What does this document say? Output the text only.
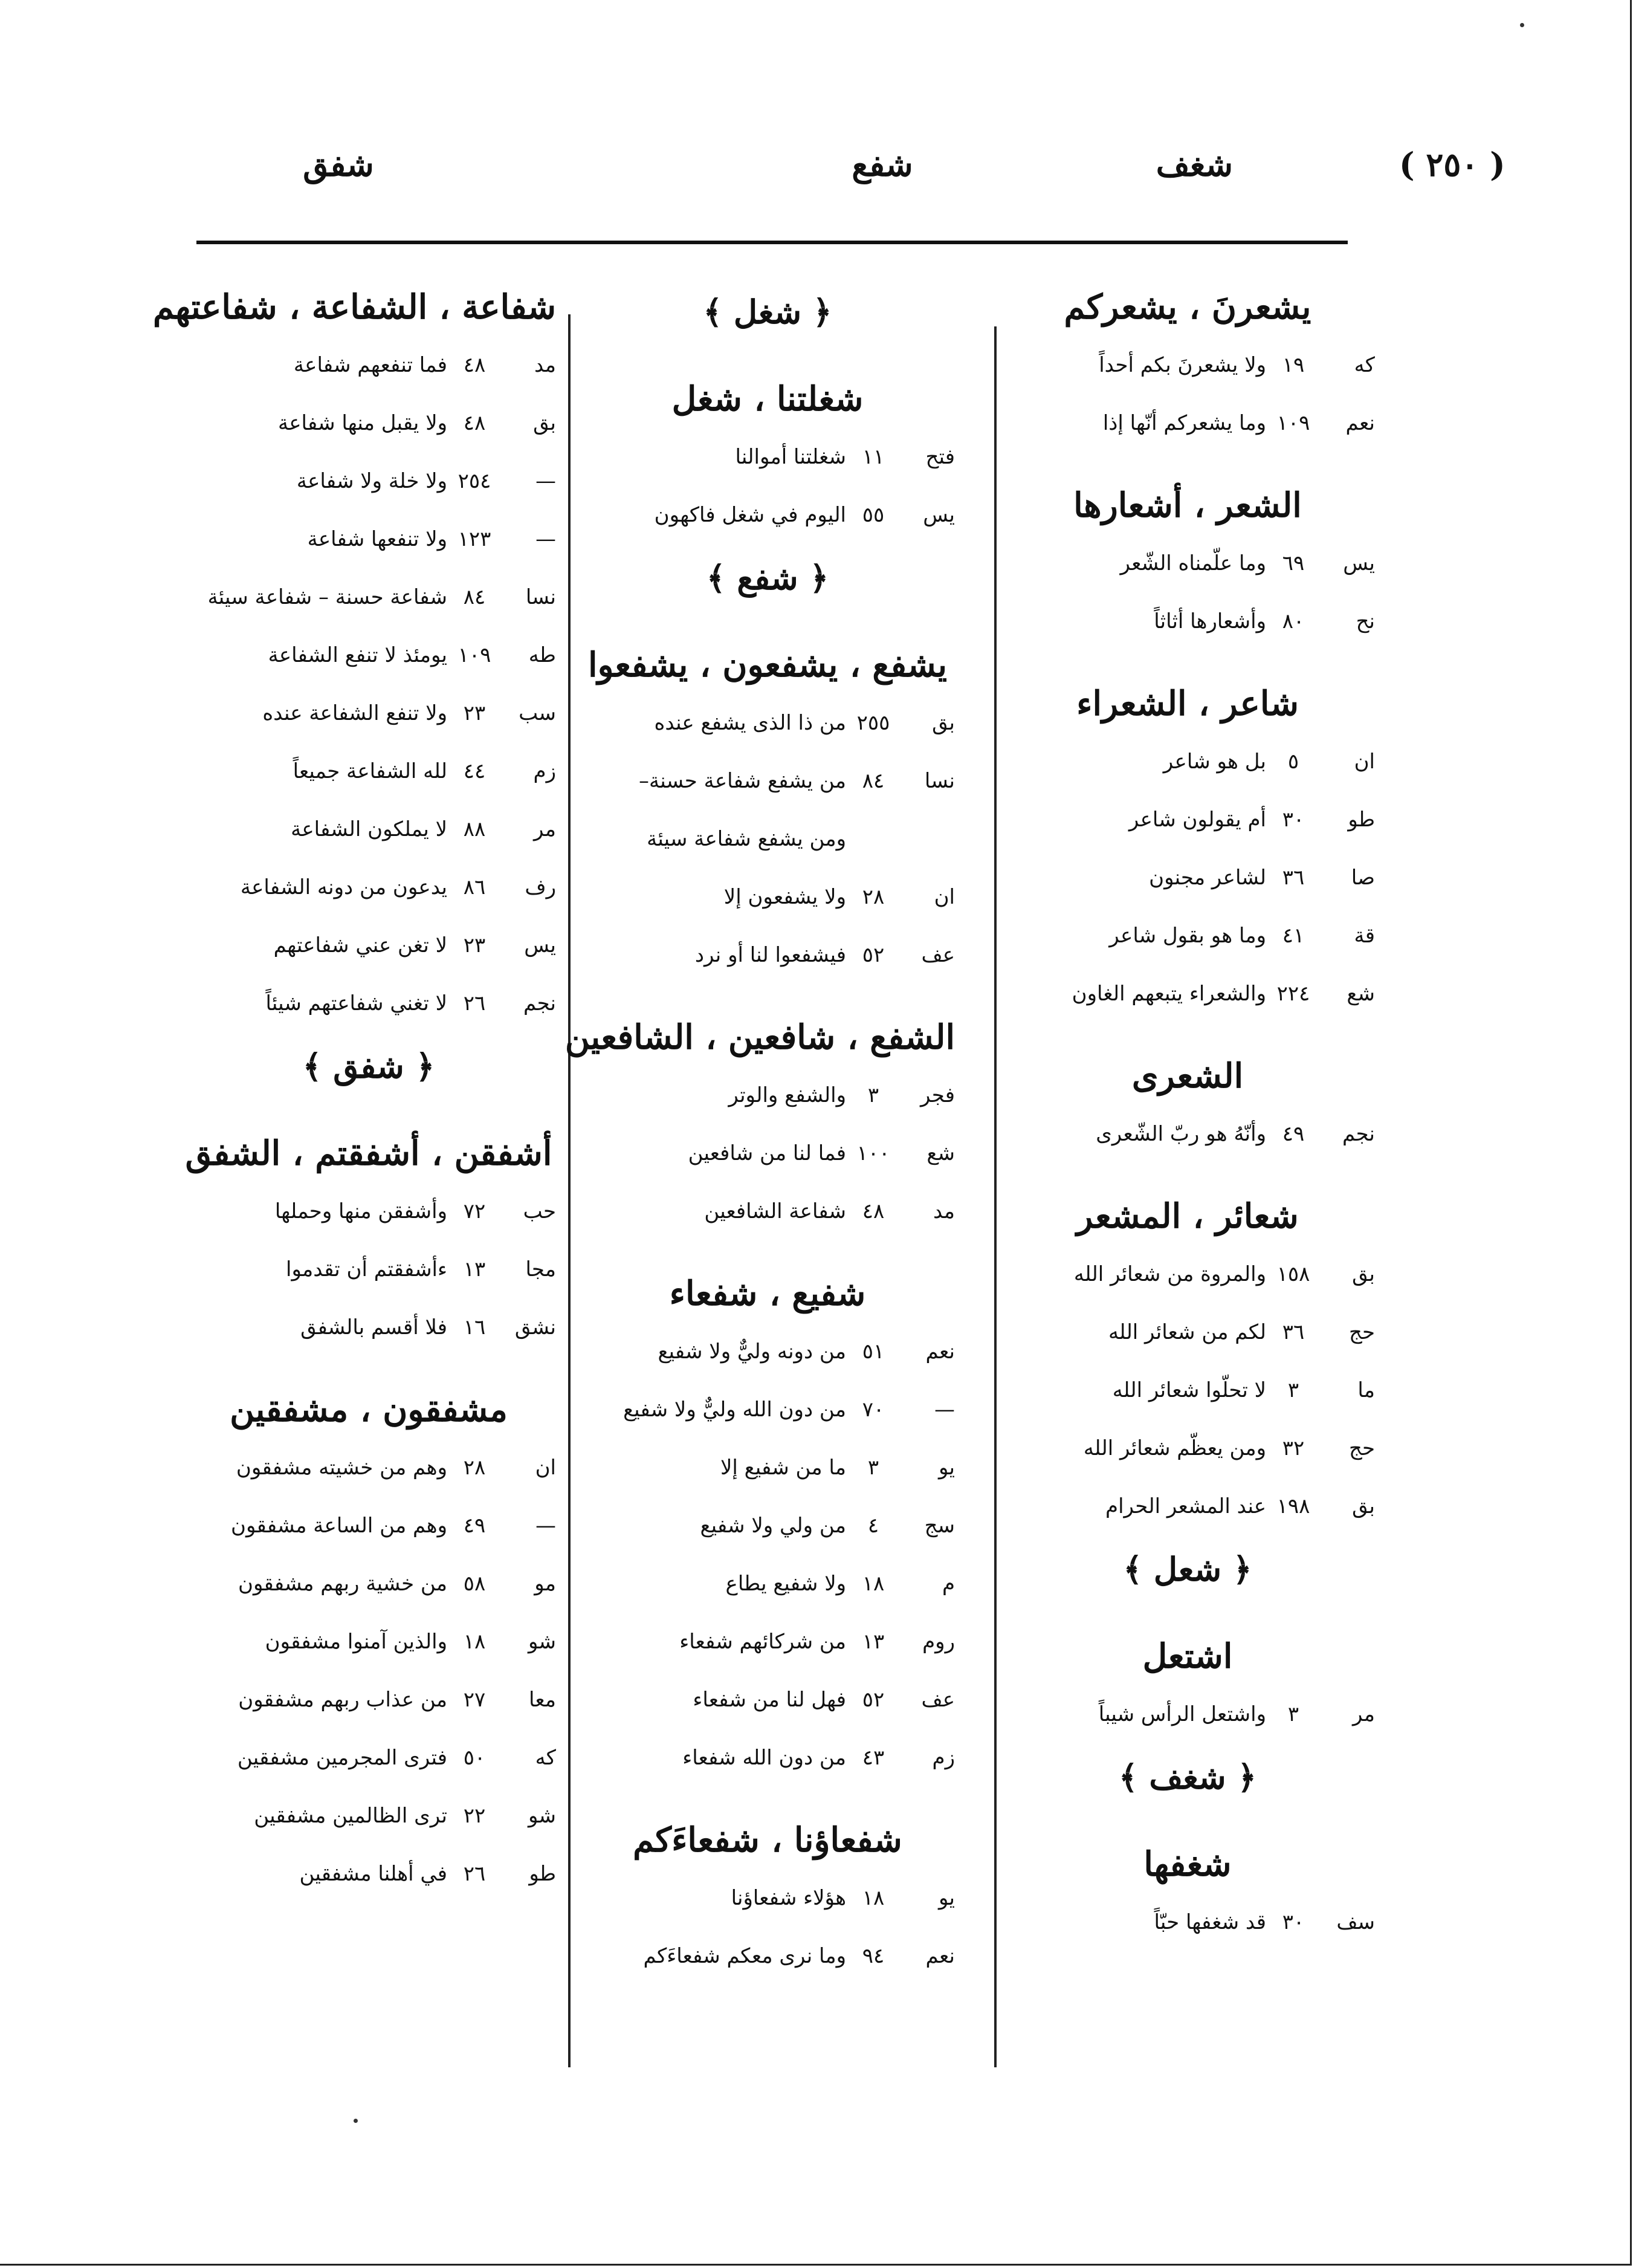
( ٢٥٠ )
شغف
شفع
شفق
يشعرنَ ، يشعركم
كه
١٩
ولا يشعرنَ بكم أحداً
نعم
١٠٩
وما يشعركم أنّها إذا
الشعر ، أشعارها
يس
٦٩
وما علّمناه الشّعر
نح
٨٠
وأشعارها أثاثاً
شاعر ، الشعراء
ان
٥
بل هو شاعر
طو
٣٠
أم يقولون شاعر
صا
٣٦
لشاعر مجنون
قة
٤١
وما هو بقول شاعر
شع
٢٢٤
والشعراء يتبعهم الغاون
الشعرى
نجم
٤٩
وأنّهُ هو ربّ الشّعرى
شعائر ، المشعر
بق
١٥٨
والمروة من شعائر الله
حج
٣٦
لكم من شعائر الله
ما
٣
لا تحلّوا شعائر الله
حج
٣٢
ومن يعظّم شعائر الله
بق
١٩٨
عند المشعر الحرام
﴿ شعل ﴾
اشتعل
مر
٣
واشتعل الرأس شيباً
﴿ شغف ﴾
شغفها
سف
٣٠
قد شغفها حبّاً
﴿ شغل ﴾
شغلتنا ، شغل
فتح
١١
شغلتنا أموالنا
يس
٥٥
اليوم في شغل فاكهون
﴿ شفع ﴾
يشفع ، يشفعون ، يشفعوا
بق
٢٥٥
من ذا الذى يشفع عنده
نسا
٨٤
من يشفع شفاعة حسنة–
ومن يشفع شفاعة سيئة
ان
٢٨
ولا يشفعون إلا
عف
٥٢
فيشفعوا لنا أو نرد
الشفع ، شافعين ، الشافعين
فجر
٣
والشفع والوتر
شع
١٠٠
فما لنا من شافعين
مد
٤٨
شفاعة الشافعين
شفيع ، شفعاء
نعم
٥١
من دونه وليٌّ ولا شفيع
—
٧٠
من دون الله وليٌّ ولا شفيع
يو
٣
ما من شفيع إلا
سج
٤
من ولي ولا شفيع
م
١٨
ولا شفيع يطاع
روم
١٣
من شركائهم شفعاء
عف
٥٢
فهل لنا من شفعاء
زم
٤٣
من دون الله شفعاء
شفعاؤنا ، شفعاءَكم
يو
١٨
هؤلاء شفعاؤنا
نعم
٩٤
وما نرى معكم شفعاءَكم
شفاعة ، الشفاعة ، شفاعتهم
مد
٤٨
فما تنفعهم شفاعة
بق
٤٨
ولا يقبل منها شفاعة
—
٢٥٤
ولا خلة ولا شفاعة
—
١٢٣
ولا تنفعها شفاعة
نسا
٨٤
شفاعة حسنة – شفاعة سيئة
طه
١٠٩
يومئذ لا تنفع الشفاعة
سب
٢٣
ولا تنفع الشفاعة عنده
زم
٤٤
لله الشفاعة جميعاً
مر
٨٨
لا يملكون الشفاعة
رف
٨٦
يدعون من دونه الشفاعة
يس
٢٣
لا تغن عني شفاعتهم
نجم
٢٦
لا تغني شفاعتهم شيئاً
﴿ شفق ﴾
أشفقن ، أشفقتم ، الشفق
حب
٧٢
وأشفقن منها وحملها
مجا
١٣
ءأشفقتم أن تقدموا
نشق
١٦
فلا أقسم بالشفق
مشفقون ، مشفقين
ان
٢٨
وهم من خشيته مشفقون
—
٤٩
وهم من الساعة مشفقون
مو
٥٨
من خشية ربهم مشفقون
شو
١٨
والذين آمنوا مشفقون
معا
٢٧
من عذاب ربهم مشفقون
كه
٥٠
فترى المجرمين مشفقين
شو
٢٢
ترى الظالمين مشفقين
طو
٢٦
في أهلنا مشفقين
